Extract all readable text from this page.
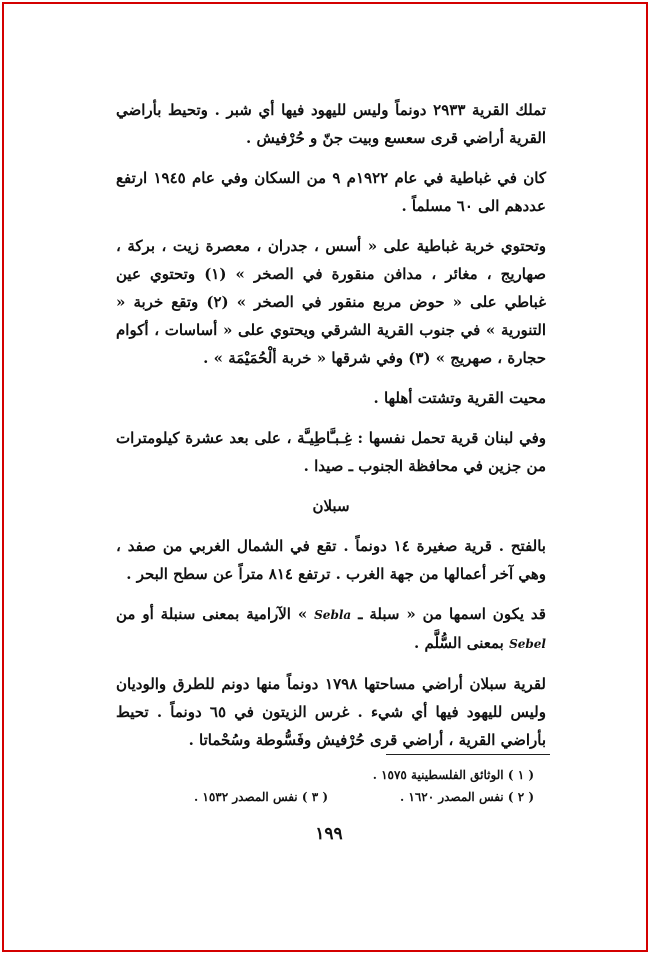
تملك القرية ٢٩٣٣ دونماً وليس لليهود فيها أي شبر . وتحيط بأراضي القرية أراضي قرى سعسع وبيت جنّ و حُرْفيش .

كان في غباطية في عام ١٩٢٢م ٩ من السكان وفي عام ١٩٤٥ ارتفع عددهم الى ٦٠ مسلماً .

وتحتوي خربة غباطية على « أسس ، جدران ، معصرة زيت ، بركة ، صهاريج ، مغائر ، مدافن منقورة في الصخر » (١) وتحتوي عين غباطي على « حوض مربع منقور في الصخر » (٢) وتقع خربة « التنورية » في جنوب القرية الشرقي ويحتوي على « أساسات ، أكوام حجارة ، صهريج » (٣) وفي شرقها « خربة ألْحُمَيْمَة » .

محيت القرية وتشتت أهلها .

وفي لبنان قرية تحمل نفسها : غِـبـَّاطِيـَّة ، على بعد عشرة كيلومترات من جزين في محافظة الجنوب ـ صيدا .

سبلان

بالفتح . قرية صغيرة ١٤ دونماً . تقع في الشمال الغربي من صفد ، وهي آخر أعمالها من جهة الغرب . ترتفع ٨١٤ متراً عن سطح البحر .

قد يكون اسمها من « سبلة ـ Sebla » الآرامية بمعنى سنبلة أو من Sebel بمعنى السُّلَّم .

لقرية سبلان أراضي مساحتها ١٧٩٨ دونماً منها دونم للطرق والوديان وليس لليهود فيها أي شيء . غرس الزيتون في ٦٥ دونماً . تحيط بأراضي القرية ، أراضي قرى حُرْفيش وفَسُّوطة وسُحْماتا .

( ١ ) الوثائق الفلسطينية ١٥٧٥ .
( ٢ ) نفس المصدر ١٦٢٠ .
( ٣ ) نفس المصدر ١٥٣٢ .
١٩٩
